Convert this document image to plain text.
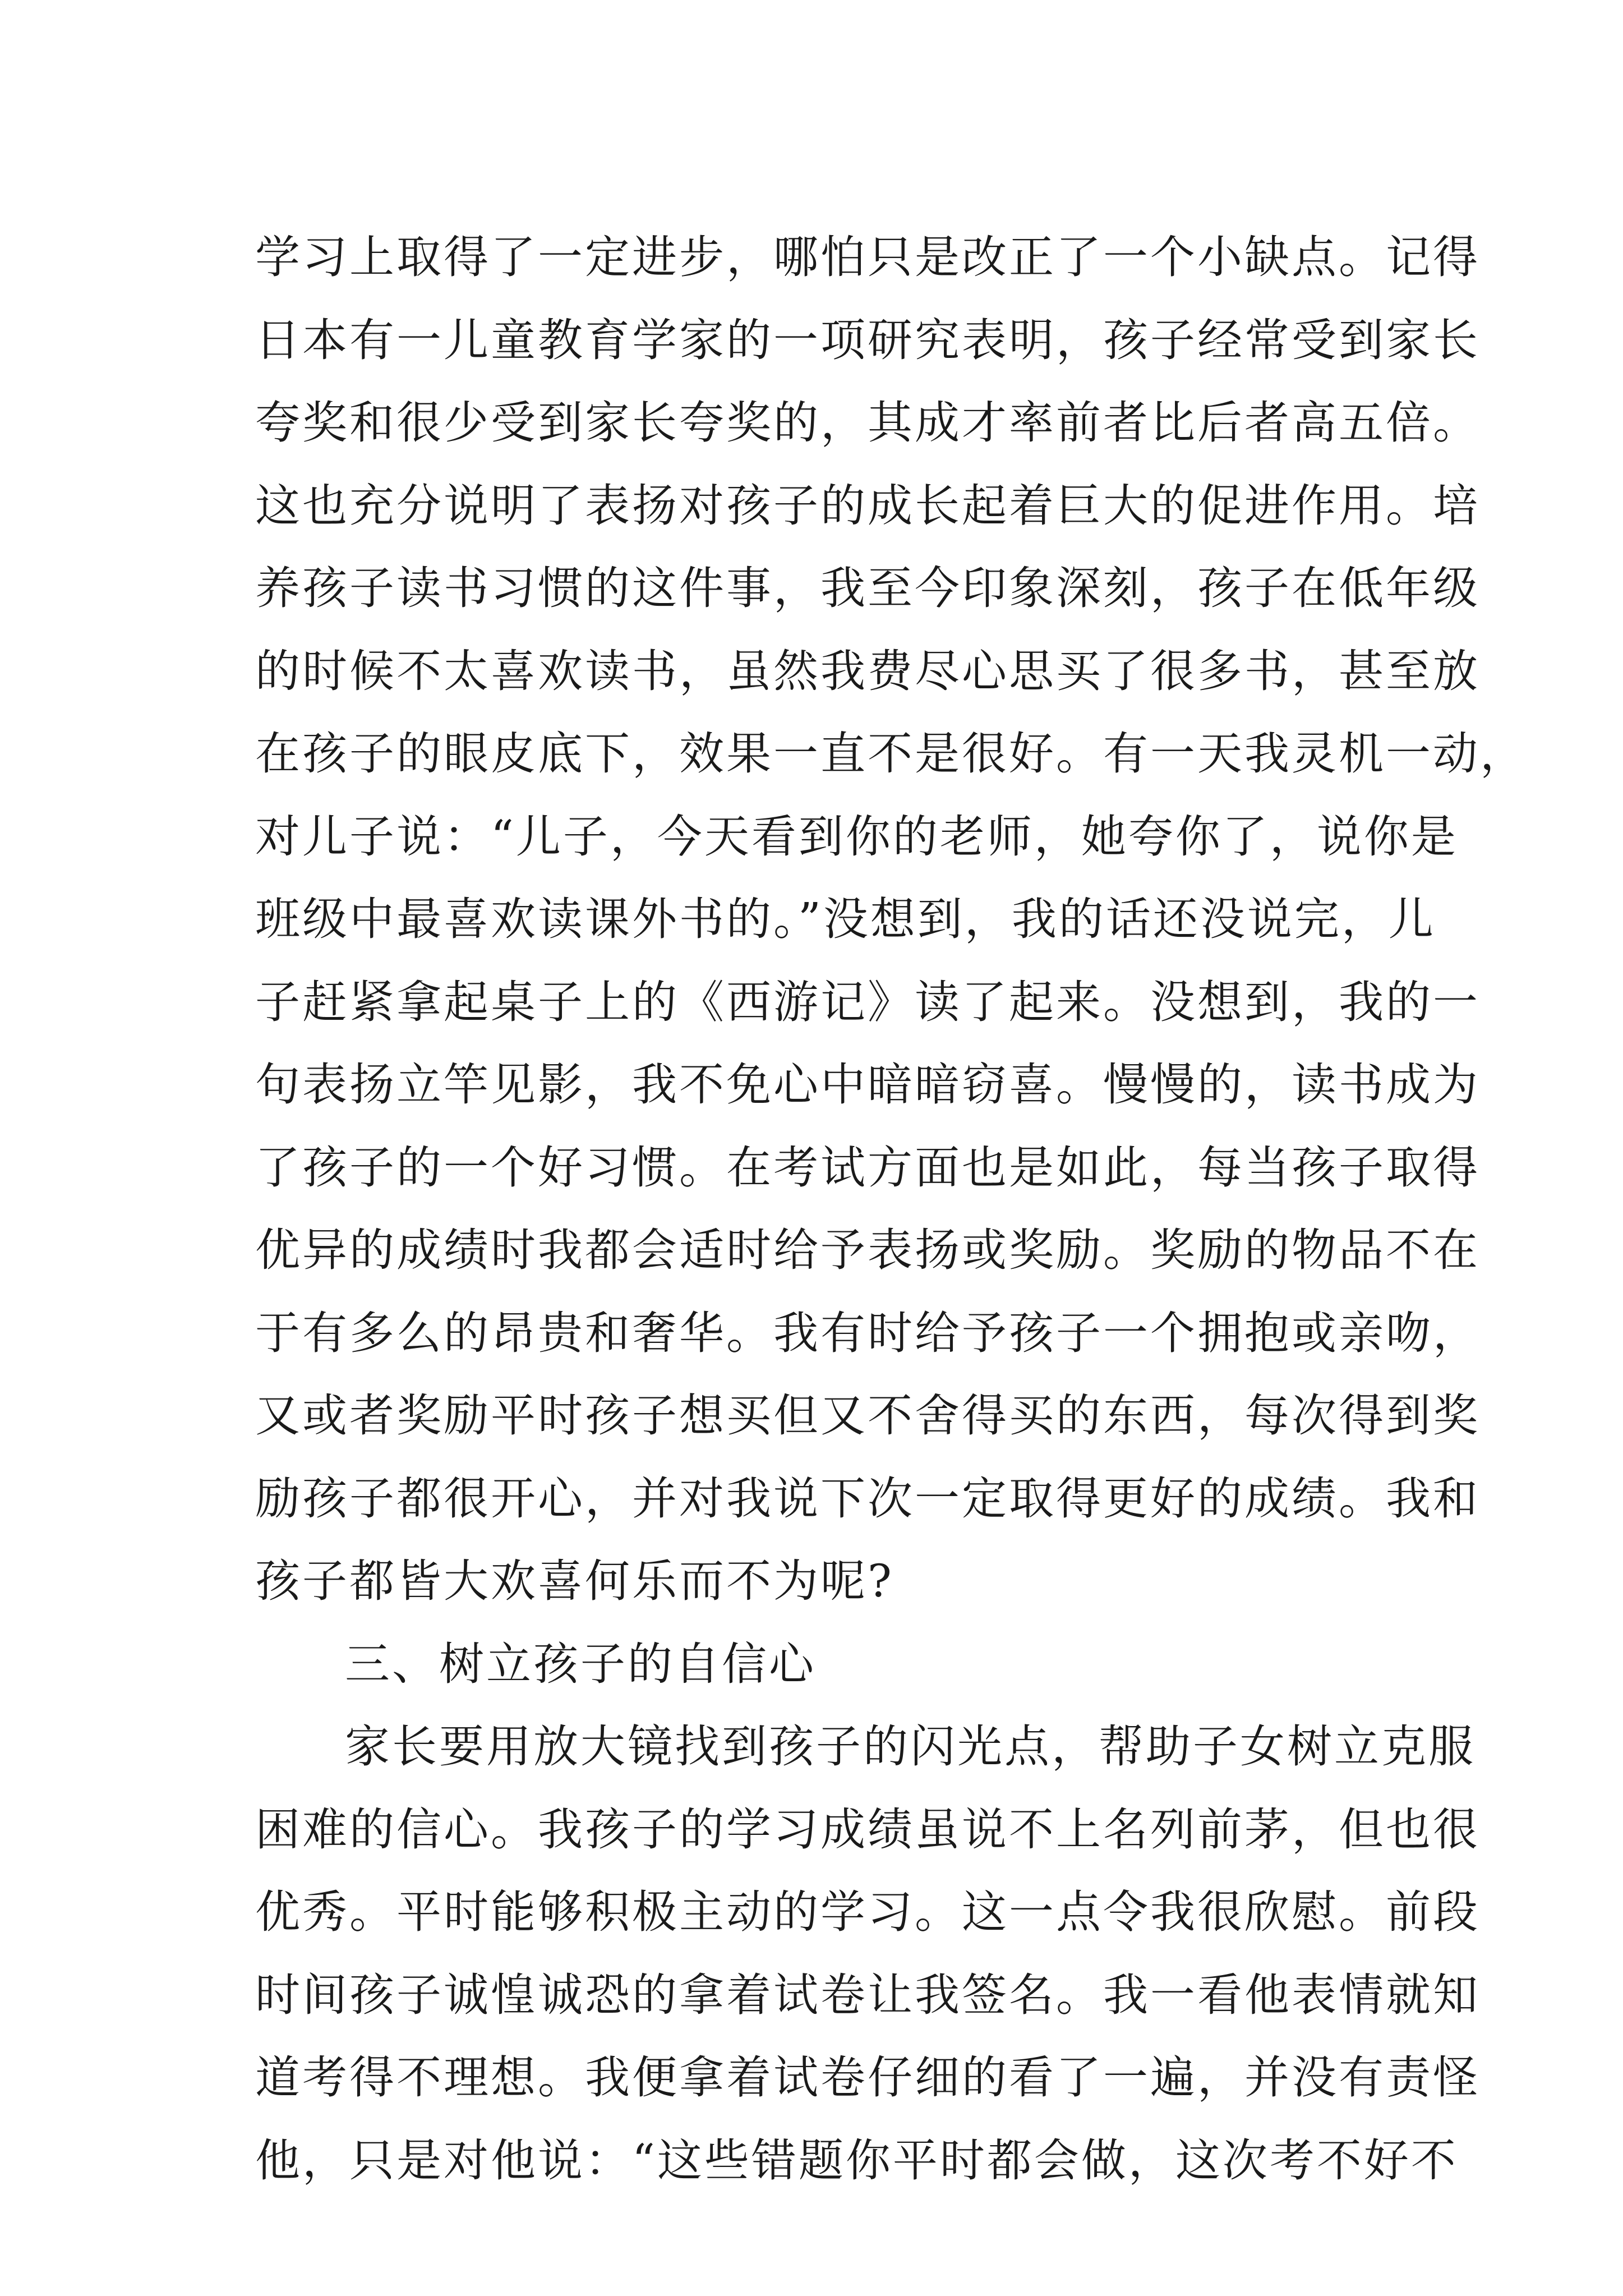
学习上取得了一定进步，哪怕只是改正了一个小缺点。记得
日本有一儿童教育学家的一项研究表明，孩子经常受到家长
夸奖和很少受到家长夸奖的，其成才率前者比后者高五倍。
这也充分说明了表扬对孩子的成长起着巨大的促进作用。培
养孩子读书习惯的这件事，我至今印象深刻，孩子在低年级
的时候不太喜欢读书，虽然我费尽心思买了很多书，甚至放
在孩子的眼皮底下，效果一直不是很好。有一天我灵机一动，
对儿子说：“儿子，今天看到你的老师，她夸你了，说你是
班级中最喜欢读课外书的。”没想到，我的话还没说完，儿
子赶紧拿起桌子上的《西游记》读了起来。没想到，我的一
句表扬立竿见影，我不免心中暗暗窃喜。慢慢的，读书成为
了孩子的一个好习惯。在考试方面也是如此，每当孩子取得
优异的成绩时我都会适时给予表扬或奖励。奖励的物品不在
于有多么的昂贵和奢华。我有时给予孩子一个拥抱或亲吻，
又或者奖励平时孩子想买但又不舍得买的东西，每次得到奖
励孩子都很开心，并对我说下次一定取得更好的成绩。我和
孩子都皆大欢喜何乐而不为呢?
三、树立孩子的自信心
家长要用放大镜找到孩子的闪光点，帮助子女树立克服
困难的信心。我孩子的学习成绩虽说不上名列前茅，但也很
优秀。平时能够积极主动的学习。这一点令我很欣慰。前段
时间孩子诚惶诚恐的拿着试卷让我签名。我一看他表情就知
道考得不理想。我便拿着试卷仔细的看了一遍，并没有责怪
他，只是对他说：“这些错题你平时都会做，这次考不好不
